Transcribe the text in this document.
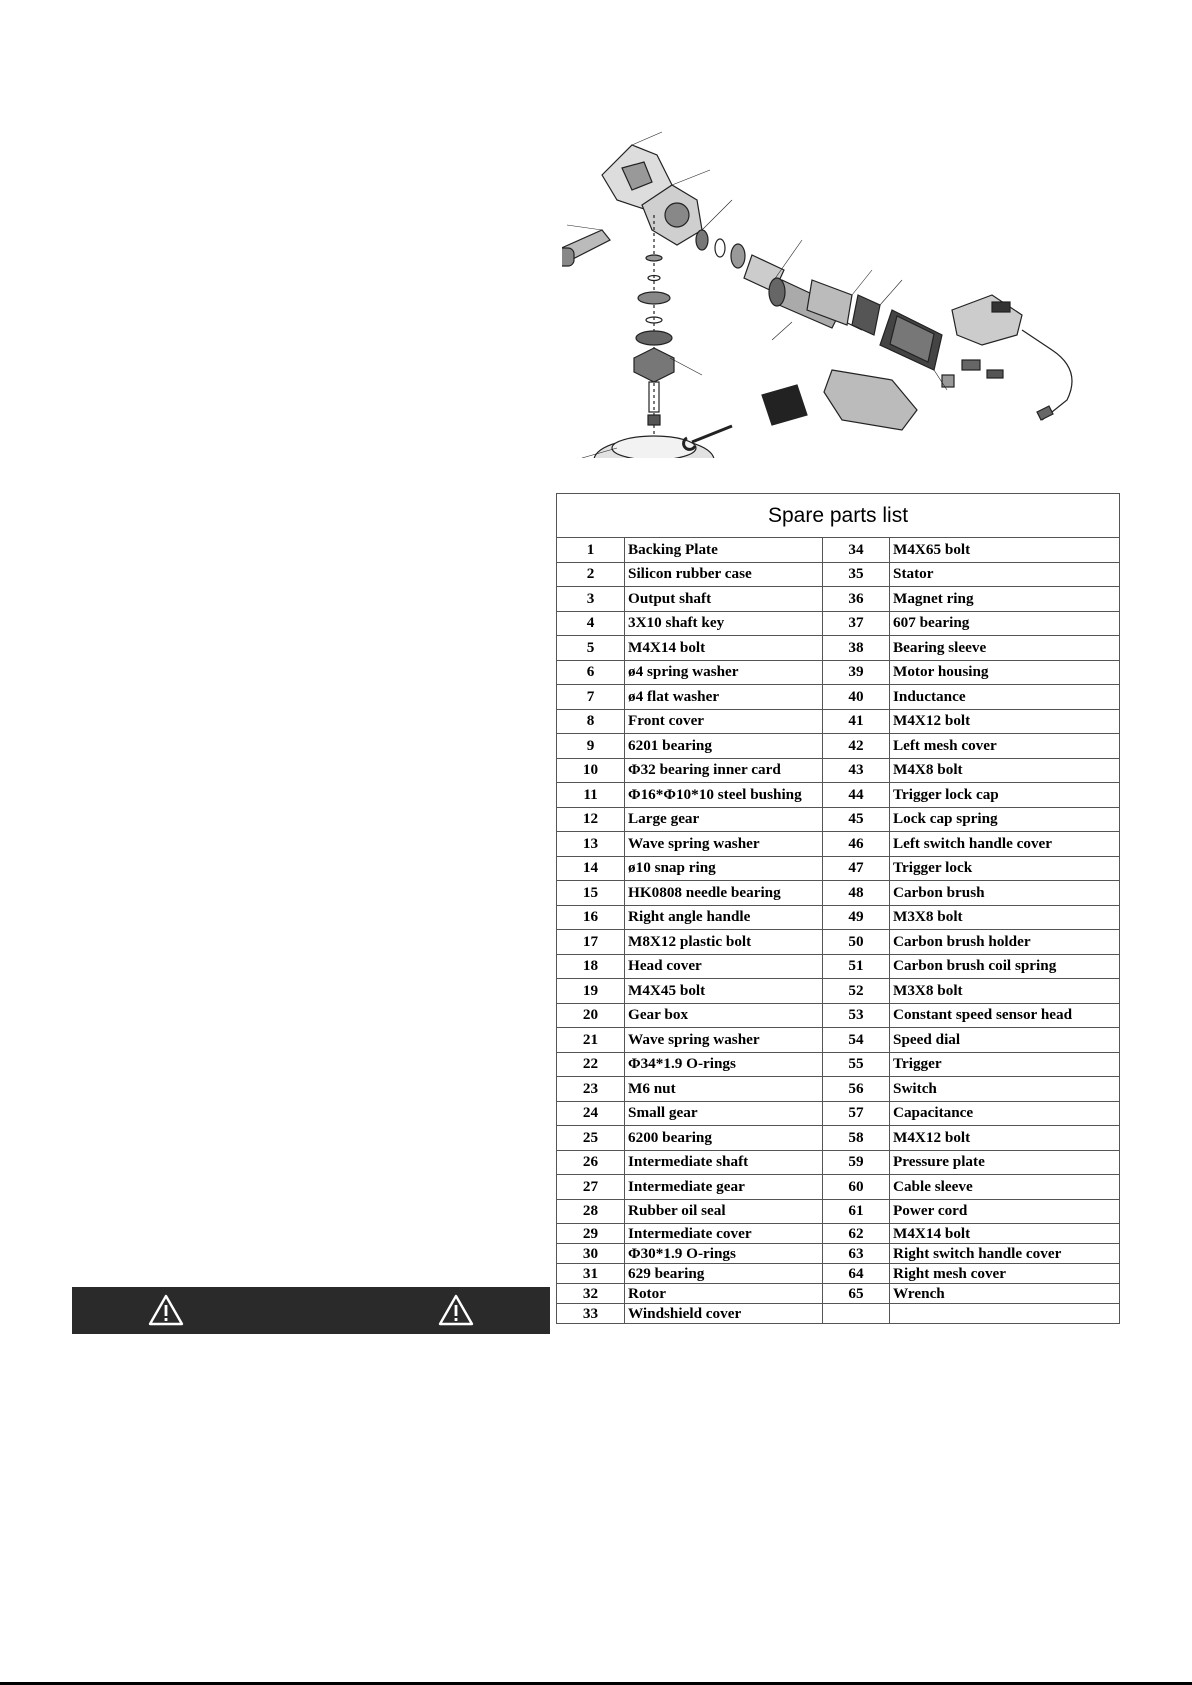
Spare parts list			
1	Backing Plate	34	M4X65 bolt
2	Silicon rubber case	35	Stator
3	Output shaft	36	Magnet ring
4	3X10 shaft key	37	607 bearing
5	M4X14 bolt	38	Bearing sleeve
6	ø4 spring washer	39	Motor housing
7	ø4 flat washer	40	Inductance
8	Front cover	41	M4X12 bolt
9	6201 bearing	42	Left mesh cover
10	Φ32 bearing inner card	43	M4X8 bolt
11	Φ16*Φ10*10 steel bushing	44	Trigger lock cap
12	Large gear	45	Lock cap spring
13	Wave spring washer	46	Left switch handle cover
14	ø10 snap ring	47	Trigger lock
15	HK0808 needle bearing	48	Carbon brush
16	Right angle handle	49	M3X8 bolt
17	M8X12 plastic bolt	50	Carbon brush holder
18	Head cover	51	Carbon brush coil spring
19	M4X45 bolt	52	M3X8 bolt
20	Gear box	53	Constant speed sensor head
21	Wave spring washer	54	Speed dial
22	Φ34*1.9 O-rings	55	Trigger
23	M6 nut	56	Switch
24	Small gear	57	Capacitance
25	6200 bearing	58	M4X12 bolt
26	Intermediate shaft	59	Pressure plate
27	Intermediate gear	60	Cable sleeve
28	Rubber oil seal	61	Power cord
29	Intermediate cover	62	M4X14 bolt
30	Φ30*1.9 O-rings	63	Right switch handle cover
31	629 bearing	64	Right mesh cover
32	Rotor	65	Wrench
33	Windshield cover		
